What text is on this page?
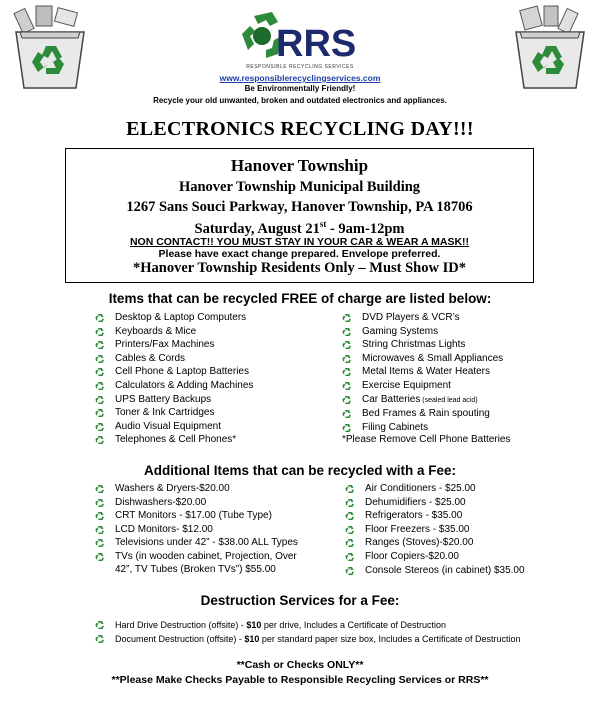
RRS
RESPONSIBLE RECYCLING SERVICES
www.responsiblerecyclingservices.com
Be Environmentally Friendly!
Recycle your old unwanted, broken and outdated electronics and appliances.
ELECTRONICS RECYCLING DAY!!!
Hanover Township
Hanover Township Municipal Building
1267 Sans Souci Parkway, Hanover Township, PA 18706
Saturday, August 21st - 9am-12pm
NON CONTACT!! YOU MUST STAY IN YOUR CAR & WEAR A MASK!!
Please have exact change prepared. Envelope preferred.
*Hanover Township Residents Only – Must Show ID*
Items that can be recycled FREE of charge are listed below:
Desktop & Laptop Computers
Keyboards & Mice
Printers/Fax Machines
Cables & Cords
Cell Phone & Laptop Batteries
Calculators & Adding Machines
UPS Battery Backups
Toner & Ink Cartridges
Audio Visual Equipment
Telephones & Cell Phones*
DVD Players & VCR’s
Gaming Systems
String Christmas Lights
Microwaves & Small Appliances
Metal Items & Water Heaters
Exercise Equipment
Car Batteries (sealed lead acid)
Bed Frames & Rain spouting
Filing Cabinets
*Please Remove Cell Phone Batteries
Additional Items that can be recycled with a Fee:
Washers & Dryers-$20.00
Dishwashers-$20.00
CRT Monitors - $17.00 (Tube Type)
LCD Monitors- $12.00
Televisions under 42” - $38.00 ALL Types
TVs (in wooden cabinet, Projection, Over
42”, TV Tubes (Broken TVs”) $55.00
Air Conditioners - $25.00
Dehumidifiers - $25.00
Refrigerators - $35.00
Floor Freezers - $35.00
Ranges (Stoves)-$20.00
Floor Copiers-$20.00
Console Stereos (in cabinet) $35.00
Destruction Services for a Fee:
Hard Drive Destruction (offsite) - $10 per drive, Includes a Certificate of Destruction
Document Destruction (offsite) - $10 per standard paper size box, Includes a Certificate of Destruction
**Cash or Checks ONLY**
**Please Make Checks Payable to Responsible Recycling Services or RRS**
